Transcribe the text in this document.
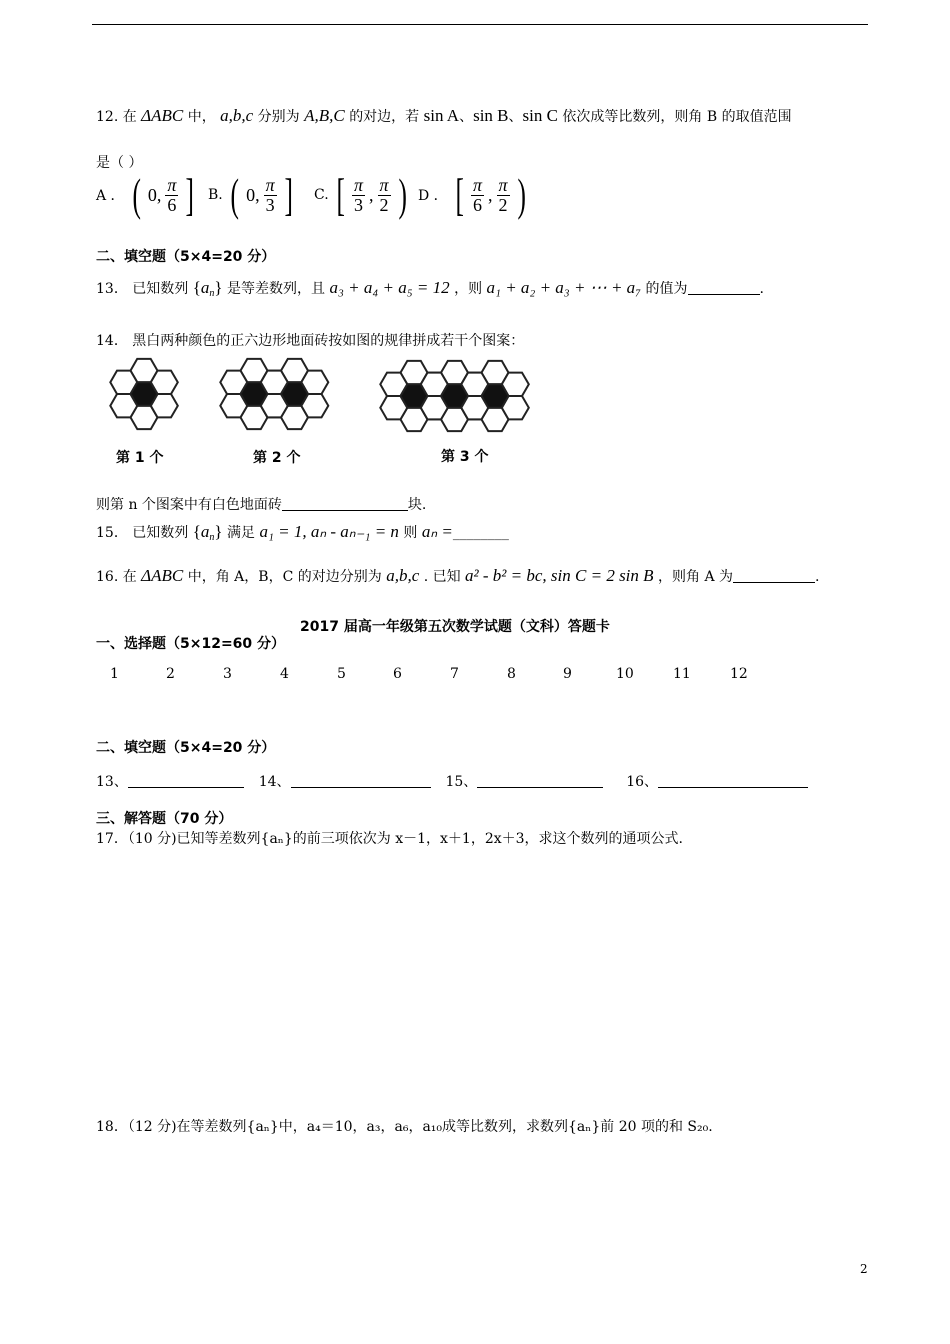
12. 在 ΔABC 中， a,b,c 分别为 A,B,C 的对边，若 sin A、sin B、sin C 依次成等比数列，则角 B 的取值范围
是（ ）
A ． ( 0, $\frac{\pi}{6}$ ] B. ( 0, $\frac{\pi}{3}$ ] C. [ $\frac{\pi}{3}$ , $\frac{\pi}{2}$ ) D ． [ $\frac{\pi}{6}$ , $\frac{\pi}{2}$ )
二、填空题（5×4=20 分）
13． 已知数列 $\{a_n\}$ 是等差数列，且 a₃ + a₄ + a₅ = 12 ，则 a₁ + a₂ + a₃ + ⋯ + a₇ 的值为	.
14． 黑白两种颜色的正六边形地面砖按如图的规律拼成若干个图案：
第 1 个	第 2 个	第 3 个
则第 n 个图案中有白色地面砖	块.
15． 已知数列 $\{a_n\}$ 满足 a₁ = 1, aₙ - aₙ₋₁ = n 则 aₙ =________
16. 在 ΔABC 中，角 A，B，C 的对边分别为 a,b,c . 已知 a² - b² = bc, sin C = 2 sin B ，则角 A 为	.
2017 届高一年级第五次数学试题（文科）答题卡
一、选择题（5×12=60 分）
1	2	3	4	5	6	7	8	9	10	11	12
二、填空题（5×4=20 分）
13、	14、	15、	16、
三、解答题（70 分）
17．（10 分)已知等差数列{aₙ}的前三项依次为 x－1，x＋1，2x＋3，求这个数列的通项公式.
18．（12 分)在等差数列{aₙ}中，a₄＝10，a₃，a₆，a₁₀成等比数列，求数列{aₙ}前 20 项的和 S₂₀.
2
